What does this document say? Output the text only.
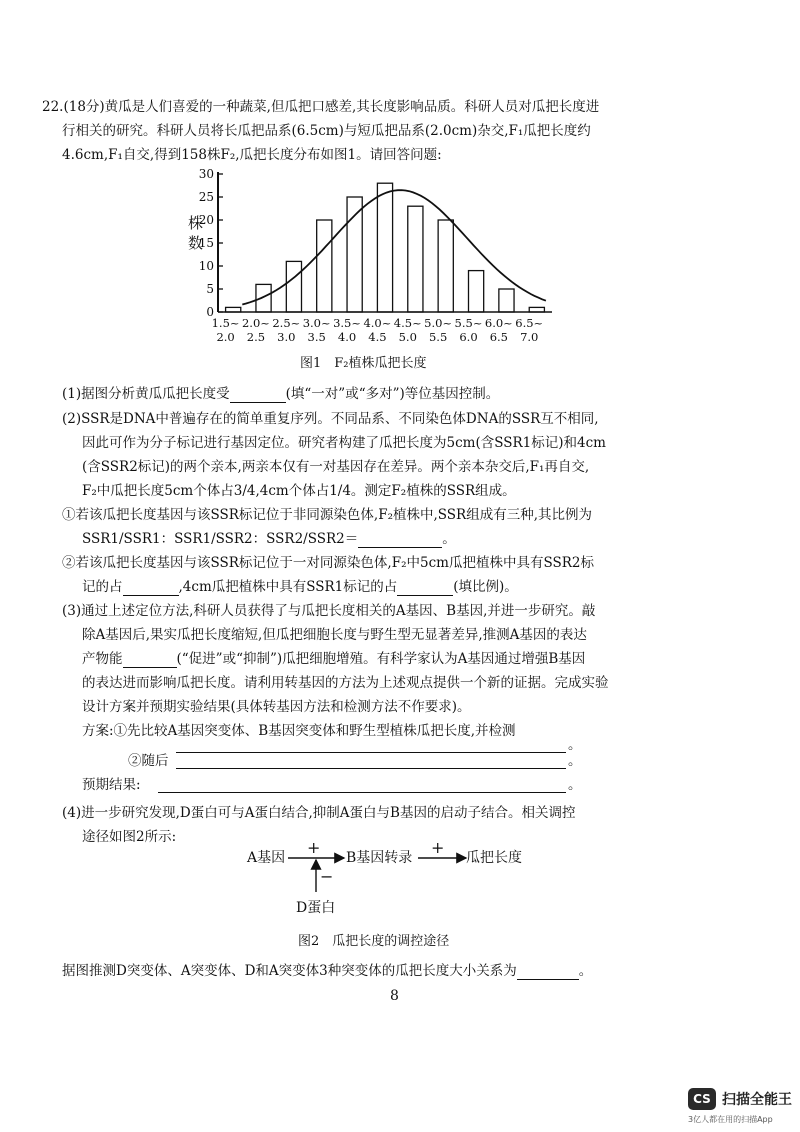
22.(18分)黄瓜是人们喜爱的一种蔬菜,但瓜把口感差,其长度影响品质。科研人员对瓜把长度进
行相关的研究。科研人员将长瓜把品系(6.5cm)与短瓜把品系(2.0cm)杂交,F₁瓜把长度约
4.6cm,F₁自交,得到158株F₂,瓜把长度分布如图1。请回答问题:
0
5
10
15
20
25
30
株
数
1.5~
2.0
2.0~
2.5
2.5~
3.0
3.0~
3.5
3.5~
4.0
4.0~
4.5
4.5~
5.0
5.0~
5.5
5.5~
6.0
6.0~
6.5
6.5~
7.0
图1　F₂植株瓜把长度
(1)据图分析黄瓜瓜把长度受	(填“一对”或“多对”)等位基因控制。
(2)SSR是DNA中普遍存在的简单重复序列。不同品系、不同染色体DNA的SSR互不相同,
因此可作为分子标记进行基因定位。研究者构建了瓜把长度为5cm(含SSR1标记)和4cm
(含SSR2标记)的两个亲本,两亲本仅有一对基因存在差异。两个亲本杂交后,F₁再自交,
F₂中瓜把长度5cm个体占3/4,4cm个体占1/4。测定F₂植株的SSR组成。
①若该瓜把长度基因与该SSR标记位于非同源染色体,F₂植株中,SSR组成有三种,其比例为
SSR1/SSR1：SSR1/SSR2：SSR2/SSR2＝	。
②若该瓜把长度基因与该SSR标记位于一对同源染色体,F₂中5cm瓜把植株中具有SSR2标
记的占	,4cm瓜把植株中具有SSR1标记的占	(填比例)。
(3)通过上述定位方法,科研人员获得了与瓜把长度相关的A基因、B基因,并进一步研究。敲
除A基因后,果实瓜把长度缩短,但瓜把细胞长度与野生型无显著差异,推测A基因的表达
产物能	(“促进”或“抑制”)瓜把细胞增殖。有科学家认为A基因通过增强B基因
的表达进而影响瓜把长度。请利用转基因的方法为上述观点提供一个新的证据。完成实验
设计方案并预期实验结果(具体转基因方法和检测方法不作要求)。
方案:①先比较A基因突变体、B基因突变体和野生型植株瓜把长度,并检测
。
②随后	。
预期结果:	。
(4)进一步研究发现,D蛋白可与A蛋白结合,抑制A蛋白与B基因的启动子结合。相关调控
途径如图2所示:
A基因
+
B基因转录
+
瓜把长度
−
D蛋白
图2　瓜把长度的调控途径
据图推测D突变体、A突变体、D和A突变体3种突变体的瓜把长度大小关系为	。
8
CS 扫描全能王
3亿人都在用的扫描App
